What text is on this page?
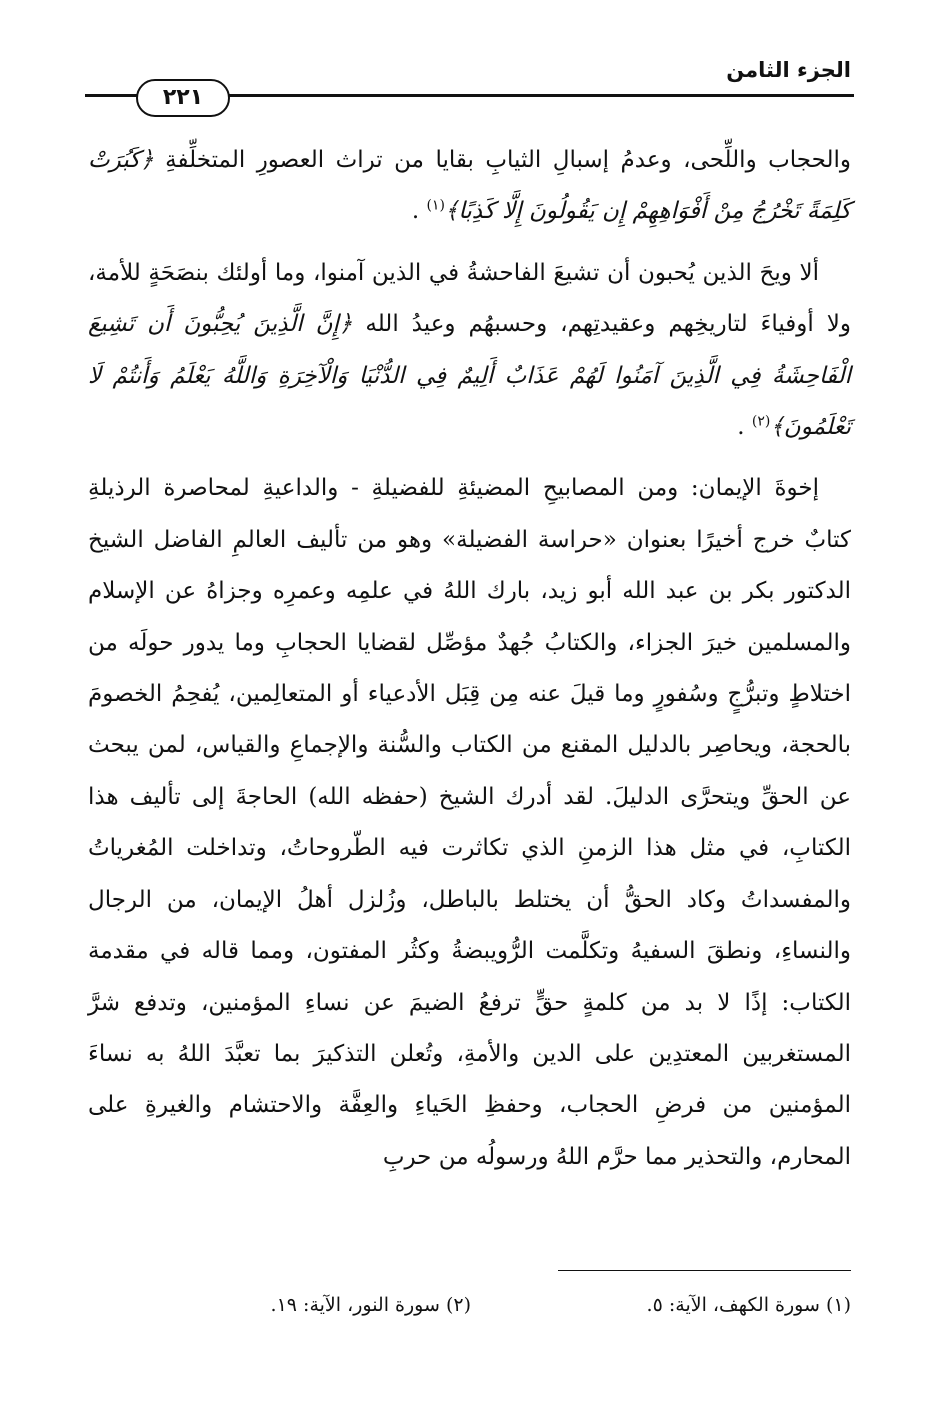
الجزء الثامن
٢٢١

والحجاب واللِّحى، وعدمُ إسبالِ الثيابِ بقايا من تراث العصورِ المتخلِّفةِ ﴿كَبُرَتْ كَلِمَةً تَخْرُجُ مِنْ أَفْوَاهِهِمْ إِن يَقُولُونَ إِلَّا كَذِبًا﴾$^{(١)}$ .

ألا ويحَ الذين يُحبون أن تشيعَ الفاحشةُ في الذين آمنوا، وما أولئك بنصَحَةٍ للأمة، ولا أوفياءَ لتاريخِهم وعقيدتِهم، وحسبهُم وعيدُ الله ﴿إِنَّ الَّذِينَ يُحِبُّونَ أَن تَشِيعَ الْفَاحِشَةُ فِي الَّذِينَ آمَنُوا لَهُمْ عَذَابٌ أَلِيمٌ فِي الدُّنْيَا وَالْآخِرَةِ وَاللَّهُ يَعْلَمُ وَأَنتُمْ لَا تَعْلَمُونَ﴾$^{(٢)}$ .

إخوةَ الإيمان: ومن المصابيحِ المضيئةِ للفضيلةِ - والداعيةِ لمحاصرة الرذيلةِ كتابٌ خرج أخيرًا بعنوان «حراسة الفضيلة» وهو من تأليف العالمِ الفاضل الشيخ الدكتور بكر بن عبد الله أبو زيد، بارك اللهُ في علمِه وعمرِه وجزاهُ عن الإسلام والمسلمين خيرَ الجزاء، والكتابُ جُهدٌ مؤصِّل لقضايا الحجابِ وما يدور حولَه من اختلاطٍ وتبرُّجٍ وسُفورٍ وما قيلَ عنه مِن قِبَل الأدعياء أو المتعالِمين، يُفحِمُ الخصومَ بالحجة، ويحاصِر بالدليل المقنع من الكتاب والسُّنة والإجماعِ والقياس، لمن يبحث عن الحقِّ ويتحرَّى الدليلَ. لقد أدرك الشيخ (حفظه الله) الحاجةَ إلى تأليف هذا الكتابِ، في مثل هذا الزمنِ الذي تكاثرت فيه الطّروحاتُ، وتداخلت المُغرياتُ والمفسداتُ وكاد الحقُّ أن يختلط بالباطل، وزُلزل أهلُ الإيمان، من الرجال والنساءِ، ونطقَ السفيهُ وتكلَّمت الرُّويبضةُ وكثُر المفتون، ومما قاله في مقدمة الكتاب: إذًا لا بد من كلمةٍ حقٍّ ترفعُ الضيمَ عن نساءِ المؤمنين، وتدفع شرَّ المستغربين المعتدِين على الدين والأمةِ، وتُعلن التذكيرَ بما تعبَّدَ اللهُ به نساءَ المؤمنين من فرضِ الحجاب، وحفظِ الحَياءِ والعِفَّة والاحتشام والغيرةِ على المحارم، والتحذير مما حرَّم اللهُ ورسولُه من حربِ

(١) سورة الكهف، الآية: ٥.
(٢) سورة النور، الآية: ١٩.
